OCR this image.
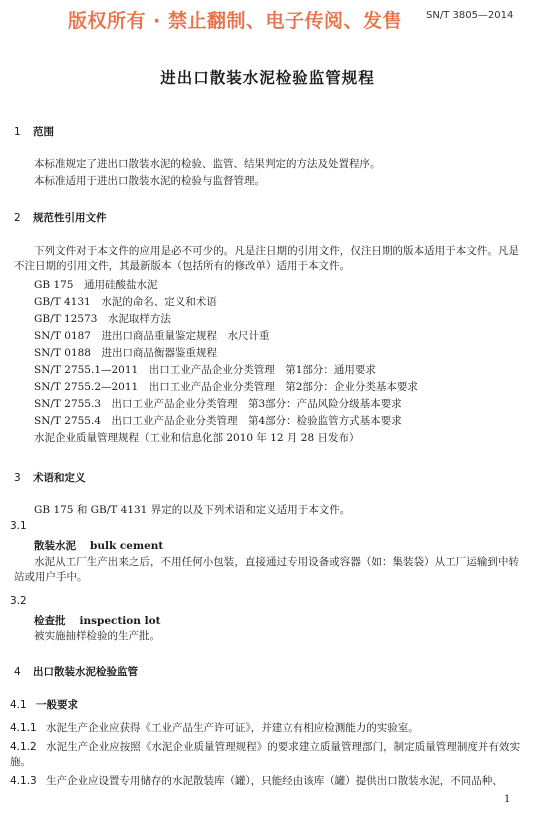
版权所有 · 禁止翻制、电子传阅、发售 SN/T 3805—2014
进出口散装水泥检验监管规程
1 范围
本标准规定了进出口散装水泥的检验、监管、结果判定的方法及处置程序。
本标准适用于进出口散装水泥的检验与监督管理。
2 规范性引用文件
下列文件对于本文件的应用是必不可少的。凡是注日期的引用文件，仅注日期的版本适用于本文件。凡是不注日期的引用文件，其最新版本（包括所有的修改单）适用于本文件。
GB 175　通用硅酸盐水泥
GB/T 4131　水泥的命名、定义和术语
GB/T 12573　水泥取样方法
SN/T 0187　进出口商品重量鉴定规程　水尺计重
SN/T 0188　进出口商品衡器鉴重规程
SN/T 2755.1—2011　出口工业产品企业分类管理　第1部分：通用要求
SN/T 2755.2—2011　出口工业产品企业分类管理　第2部分：企业分类基本要求
SN/T 2755.3　出口工业产品企业分类管理　第3部分：产品风险分级基本要求
SN/T 2755.4　出口工业产品企业分类管理　第4部分：检验监管方式基本要求
水泥企业质量管理规程（工业和信息化部 2010 年 12 月 28 日发布）
3 术语和定义
GB 175 和 GB/T 4131 界定的以及下列术语和定义适用于本文件。
3.1
散装水泥 bulk cement
水泥从工厂生产出来之后，不用任何小包装，直接通过专用设备或容器（如：集装袋）从工厂运输到中转站或用户手中。
3.2
检查批 inspection lot
被实施抽样检验的生产批。
4 出口散装水泥检验监管
4.1 一般要求
4.1.1 水泥生产企业应获得《工业产品生产许可证》，并建立有相应检测能力的实验室。
4.1.2 水泥生产企业应按照《水泥企业质量管理规程》的要求建立质量管理部门，制定质量管理制度并有效实施。
4.1.3 生产企业应设置专用储存的水泥散装库（罐），只能经由该库（罐）提供出口散装水泥，不同品种、
1
